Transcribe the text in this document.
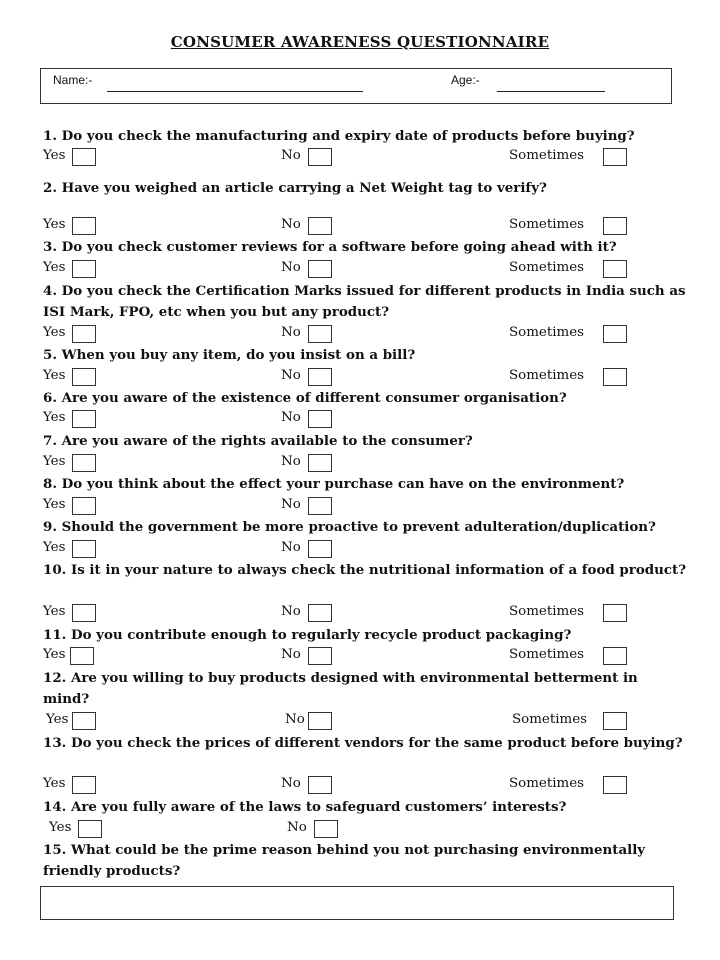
CONSUMER AWARENESS QUESTIONNAIRE
Name:-	Age:-
1. Do you check the manufacturing and expiry date of products before buying?
Yes	No	Sometimes
2. Have you weighed an article carrying a Net Weight tag to verify?
Yes	No	Sometimes
3. Do you check customer reviews for a software before going ahead with it?
Yes	No	Sometimes
4. Do you check the Certification Marks issued for different products in India such as ISI Mark, FPO, etc when you but any product?
Yes	No	Sometimes
5. When you buy any item, do you insist on a bill?
Yes	No	Sometimes
6. Are you aware of the existence of different consumer organisation?
Yes	No
7. Are you aware of the rights available to the consumer?
Yes	No
8. Do you think about the effect your purchase can have on the environment?
Yes	No
9. Should the government be more proactive to prevent adulteration/duplication?
Yes	No
10. Is it in your nature to always check the nutritional information of a food product?
Yes	No	Sometimes
11. Do you contribute enough to regularly recycle product packaging?
Yes	No	Sometimes
12. Are you willing to buy products designed with environmental betterment in mind?
Yes	No	Sometimes
13. Do you check the prices of different vendors for the same product before buying?
Yes	No	Sometimes
14. Are you fully aware of the laws to safeguard customers’ interests?
Yes	No
15. What could be the prime reason behind you not purchasing environmentally friendly products?
